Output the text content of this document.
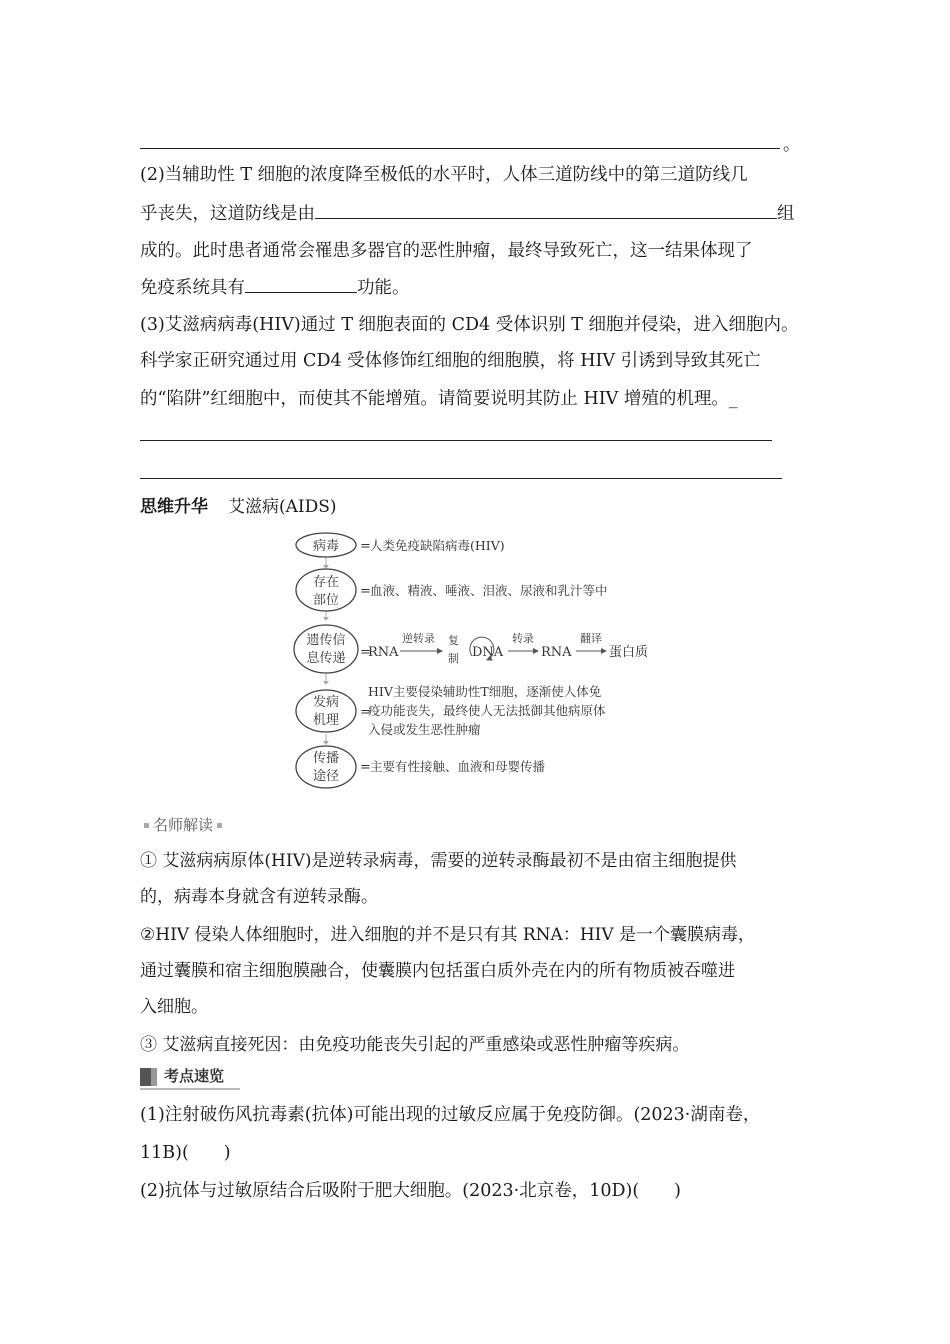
。
(2)当辅助性 T 细胞的浓度降至极低的水平时，人体三道防线中的第三道防线几
乎丧失，这道防线是由	组
成的。此时患者通常会罹患多器官的恶性肿瘤，最终导致死亡，这一结果体现了
免疫系统具有	功能。
(3)艾滋病病毒(HIV)通过 T 细胞表面的 CD4 受体识别 T 细胞并侵染，进入细胞内。
科学家正研究通过用 CD4 受体修饰红细胞的细胞膜，将 HIV 引诱到导致其死亡
的“陷阱”红细胞中，而使其不能增殖。请简要说明其防止 HIV 增殖的机理。_
思维升华 艾滋病(AIDS)
病毒 = 人类免疫缺陷病毒(HIV)
存在
部位
= 血液、精液、唾液、泪液、尿液和乳汁等中
遗传信
息传递 =
RNA
逆转录 复
制 DNA
转录
RNA
翻译
蛋白质
发病
机理
=
HIV主要侵染辅助性T细胞，逐渐使人体免
疫功能丧失，最终使人无法抵御其他病原体
入侵或发生恶性肿瘤
传播
途径
= 主要有性接触、血液和母婴传播
名师解读
① 艾滋病病原体(HIV)是逆转录病毒，需要的逆转录酶最初不是由宿主细胞提供
的，病毒本身就含有逆转录酶。
②HIV 侵染人体细胞时，进入细胞的并不是只有其 RNA：HIV 是一个囊膜病毒，
通过囊膜和宿主细胞膜融合，使囊膜内包括蛋白质外壳在内的所有物质被吞噬进
入细胞。
③ 艾滋病直接死因：由免疫功能丧失引起的严重感染或恶性肿瘤等疾病。
考点速览
(1)注射破伤风抗毒素(抗体)可能出现的过敏反应属于免疫防御。(2023·湖南卷，
11B)(　　)
(2)抗体与过敏原结合后吸附于肥大细胞。(2023·北京卷，10D)(　　)
